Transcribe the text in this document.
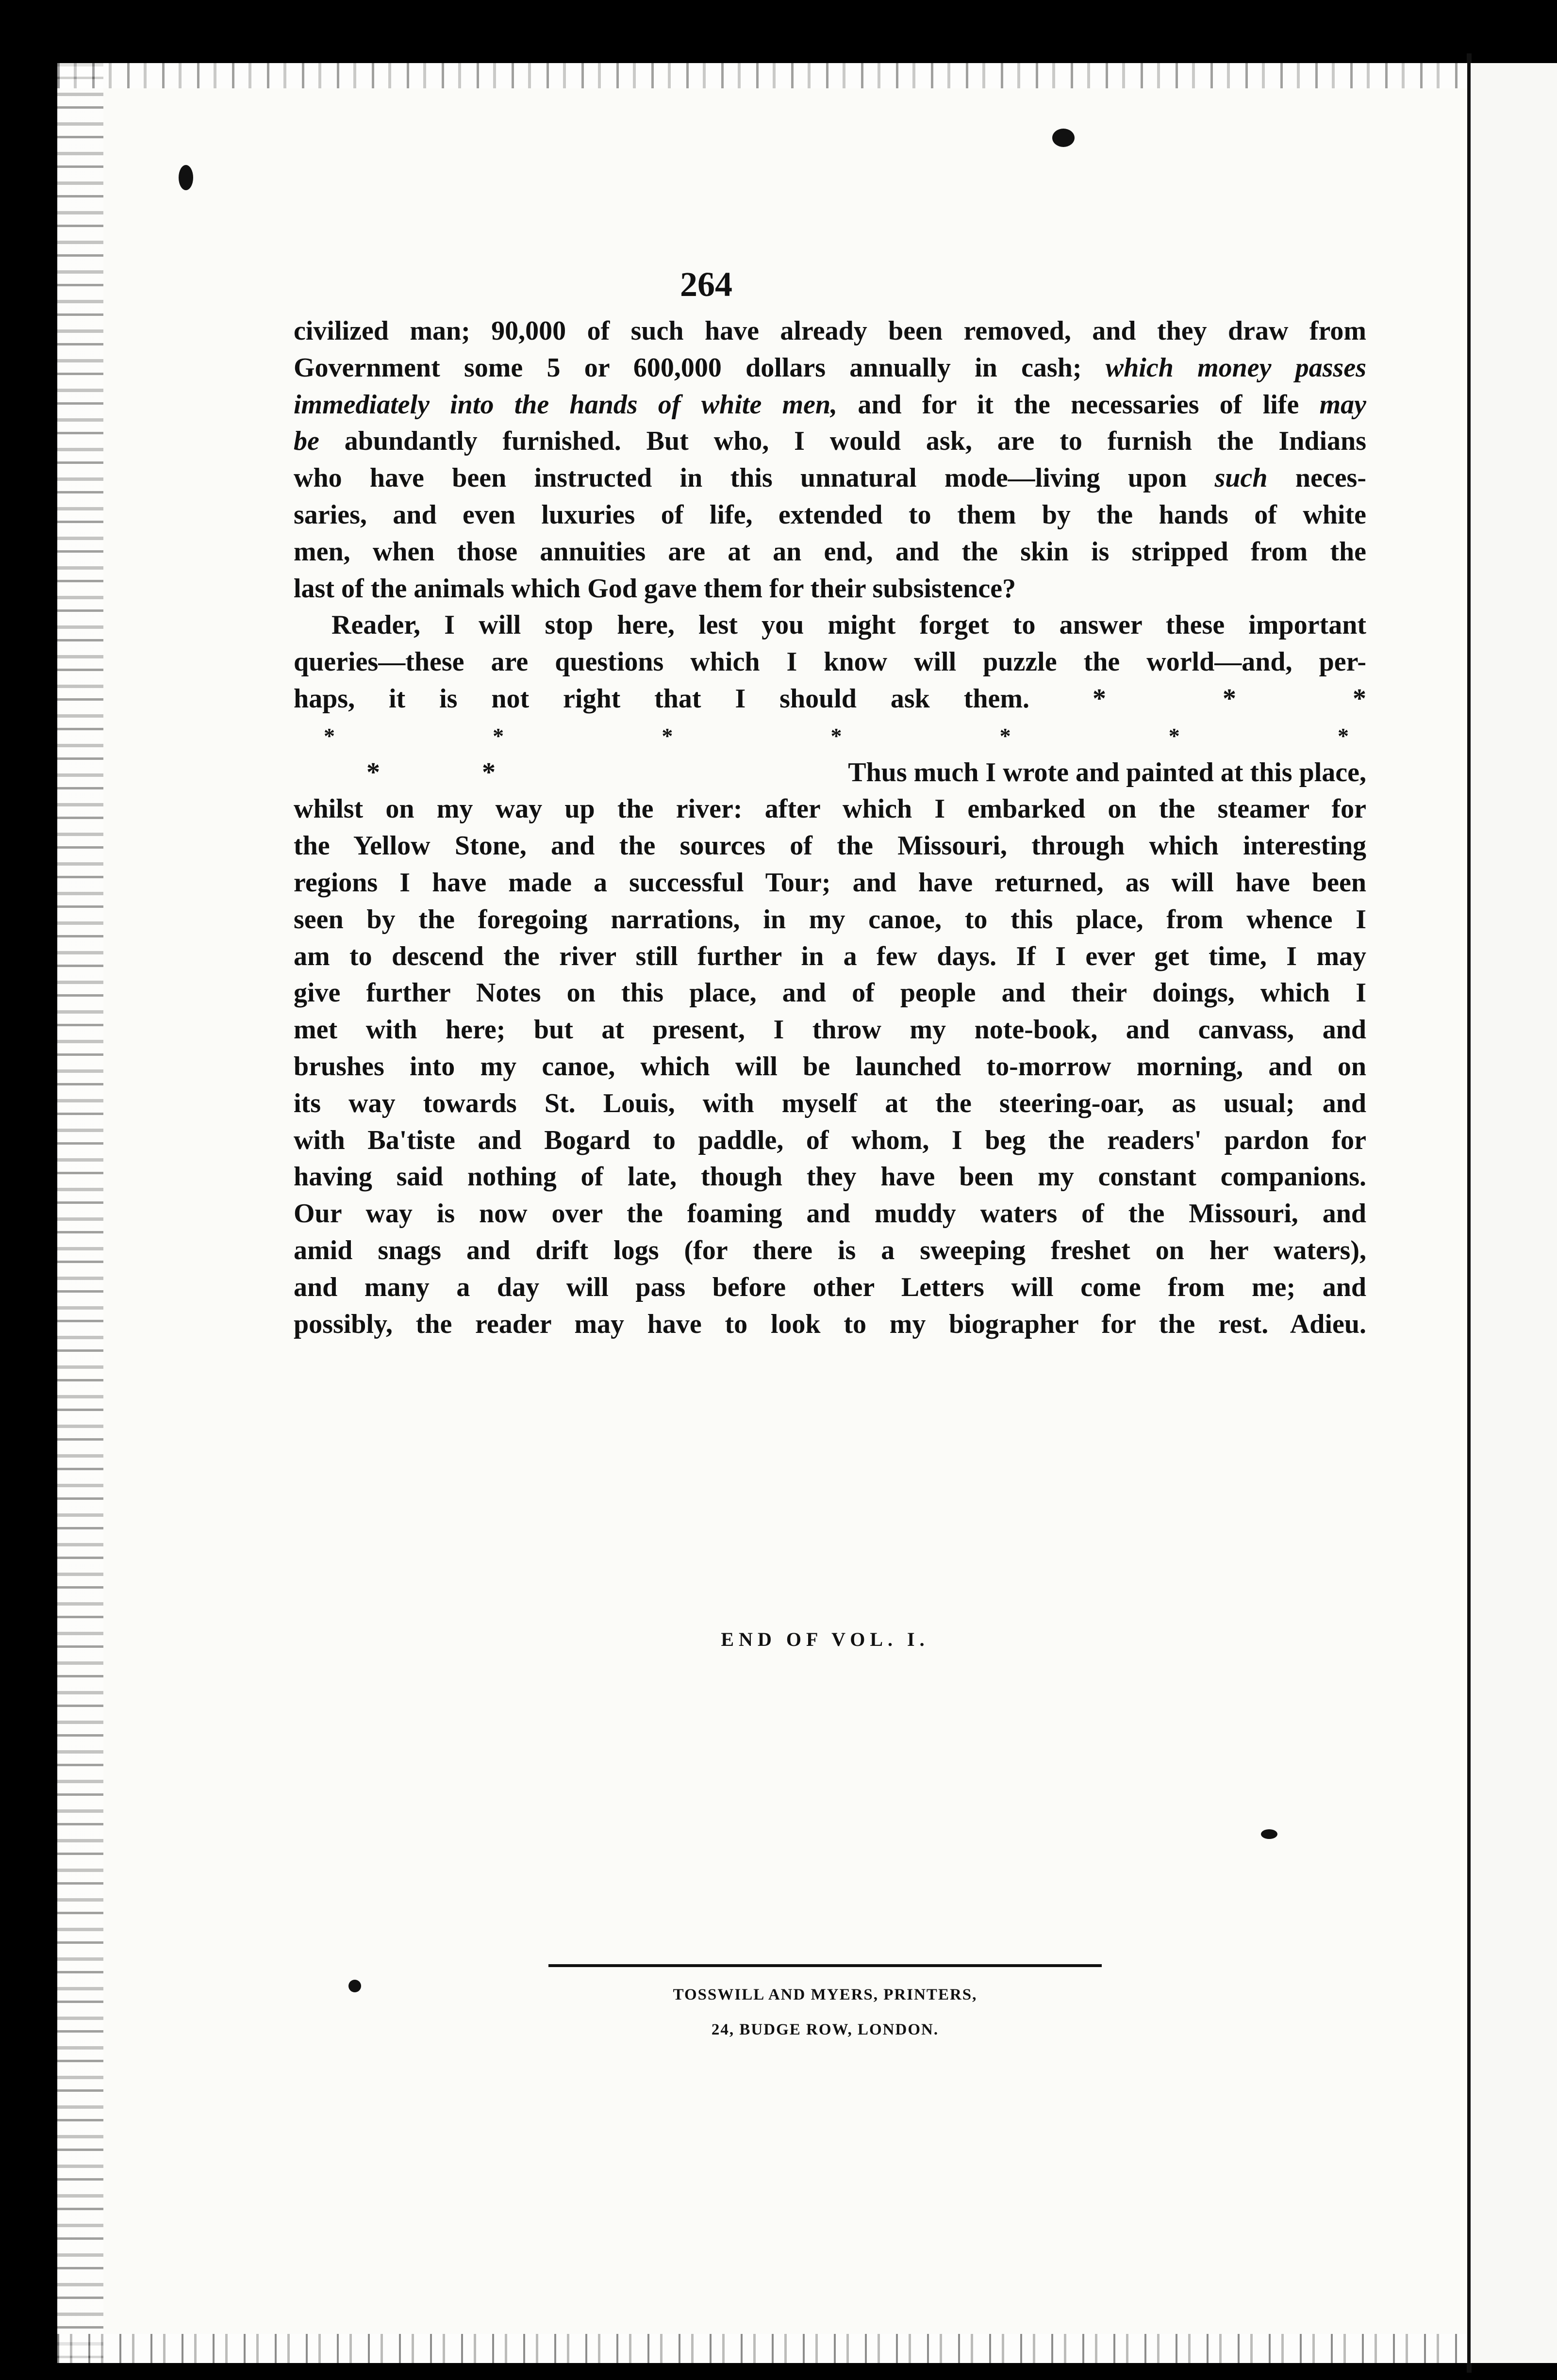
264
civilized man; 90,000 of such have already been removed, and they draw from
Government some 5 or 600,000 dollars annually in cash; which money passes
immediately into the hands of white men, and for it the necessaries of life may
be abundantly furnished. But who, I would ask, are to furnish the Indians
who have been instructed in this unnatural mode—living upon such neces-
saries, and even luxuries of life, extended to them by the hands of white
men, when those annuities are at an end, and the skin is stripped from the
last of the animals which God gave them for their subsistence?
Reader, I will stop here, lest you might forget to answer these important
queries—these are questions which I know will puzzle the world—and, per-
haps, it is not right that I should ask them. *	*	*
*	*	*	*	*	*	*
*	*	Thus much I wrote and painted at this place,
whilst on my way up the river: after which I embarked on the steamer for
the Yellow Stone, and the sources of the Missouri, through which interesting
regions I have made a successful Tour; and have returned, as will have been
seen by the foregoing narrations, in my canoe, to this place, from whence I
am to descend the river still further in a few days. If I ever get time, I may
give further Notes on this place, and of people and their doings, which I
met with here; but at present, I throw my note-book, and canvass, and
brushes into my canoe, which will be launched to-morrow morning, and on
its way towards St. Louis, with myself at the steering-oar, as usual; and
with Ba'tiste and Bogard to paddle, of whom, I beg the readers' pardon for
having said nothing of late, though they have been my constant companions.
Our way is now over the foaming and muddy waters of the Missouri, and
amid snags and drift logs (for there is a sweeping freshet on her waters),
and many a day will pass before other Letters will come from me; and
possibly, the reader may have to look to my biographer for the rest. Adieu.
END OF VOL. I.
TOSSWILL AND MYERS, PRINTERS,
24, BUDGE ROW, LONDON.
